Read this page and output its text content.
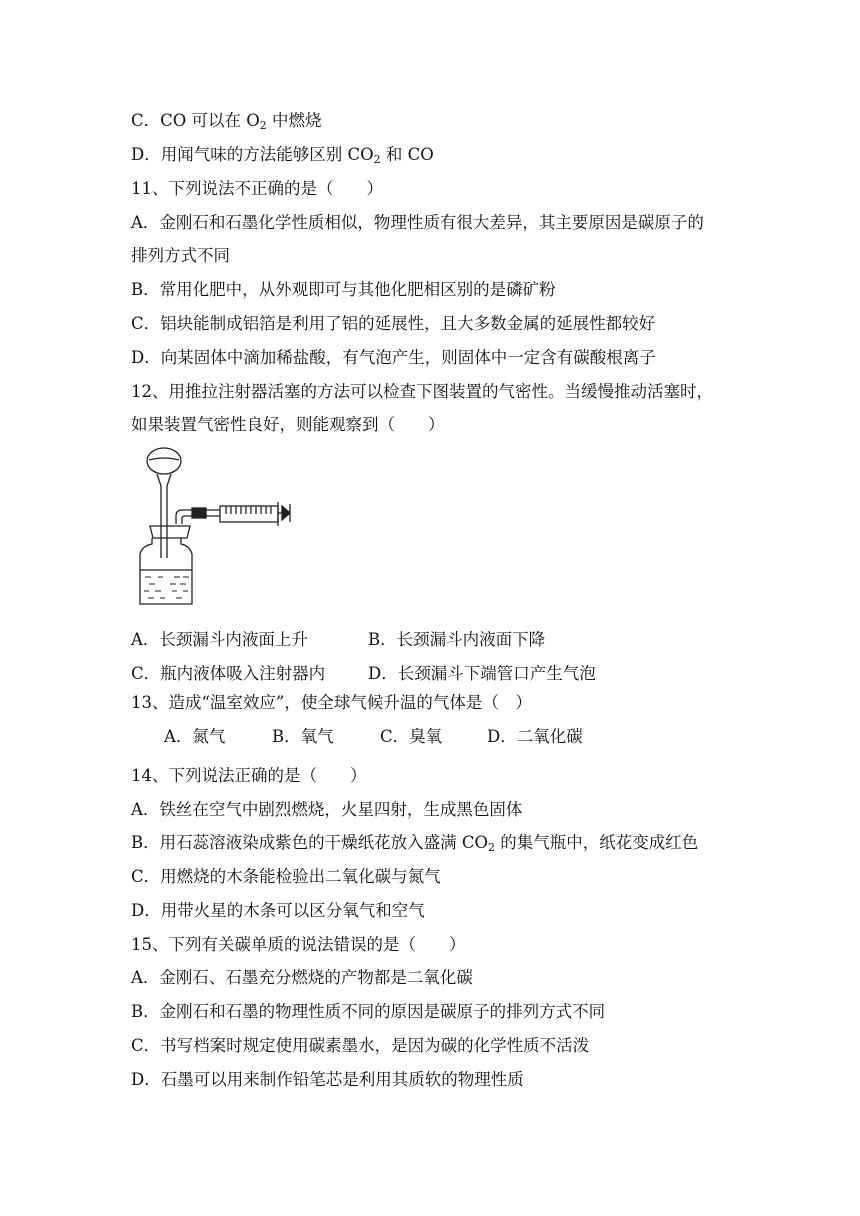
C．CO 可以在 $O_2$ 中燃烧
D．用闻气味的方法能够区别 $CO_2$ 和 CO
11、下列说法不正确的是（　　）
A．金刚石和石墨化学性质相似，物理性质有很大差异，其主要原因是碳原子的
排列方式不同
B．常用化肥中，从外观即可与其他化肥相区别的是磷矿粉
C．铝块能制成铝箔是利用了铝的延展性，且大多数金属的延展性都较好
D．向某固体中滴加稀盐酸，有气泡产生，则固体中一定含有碳酸根离子
12、用推拉注射器活塞的方法可以检查下图装置的气密性。当缓慢推动活塞时，
如果装置气密性良好，则能观察到（　　）
A．长颈漏斗内液面上升	B．长颈漏斗内液面下降
C．瓶内液体吸入注射器内	D．长颈漏斗下端管口产生气泡
13、造成“温室效应”，使全球气候升温的气体是（　）
A．氮气	B．氧气	C．臭氧	D．二氧化碳
14、下列说法正确的是（　　）
A．铁丝在空气中剧烈燃烧，火星四射，生成黑色固体
B．用石蕊溶液染成紫色的干燥纸花放入盛满 $CO_2$ 的集气瓶中，纸花变成红色
C．用燃烧的木条能检验出二氧化碳与氮气
D．用带火星的木条可以区分氧气和空气
15、下列有关碳单质的说法错误的是（　　）
A．金刚石、石墨充分燃烧的产物都是二氧化碳
B．金刚石和石墨的物理性质不同的原因是碳原子的排列方式不同
C．书写档案时规定使用碳素墨水，是因为碳的化学性质不活泼
D．石墨可以用来制作铅笔芯是利用其质软的物理性质
